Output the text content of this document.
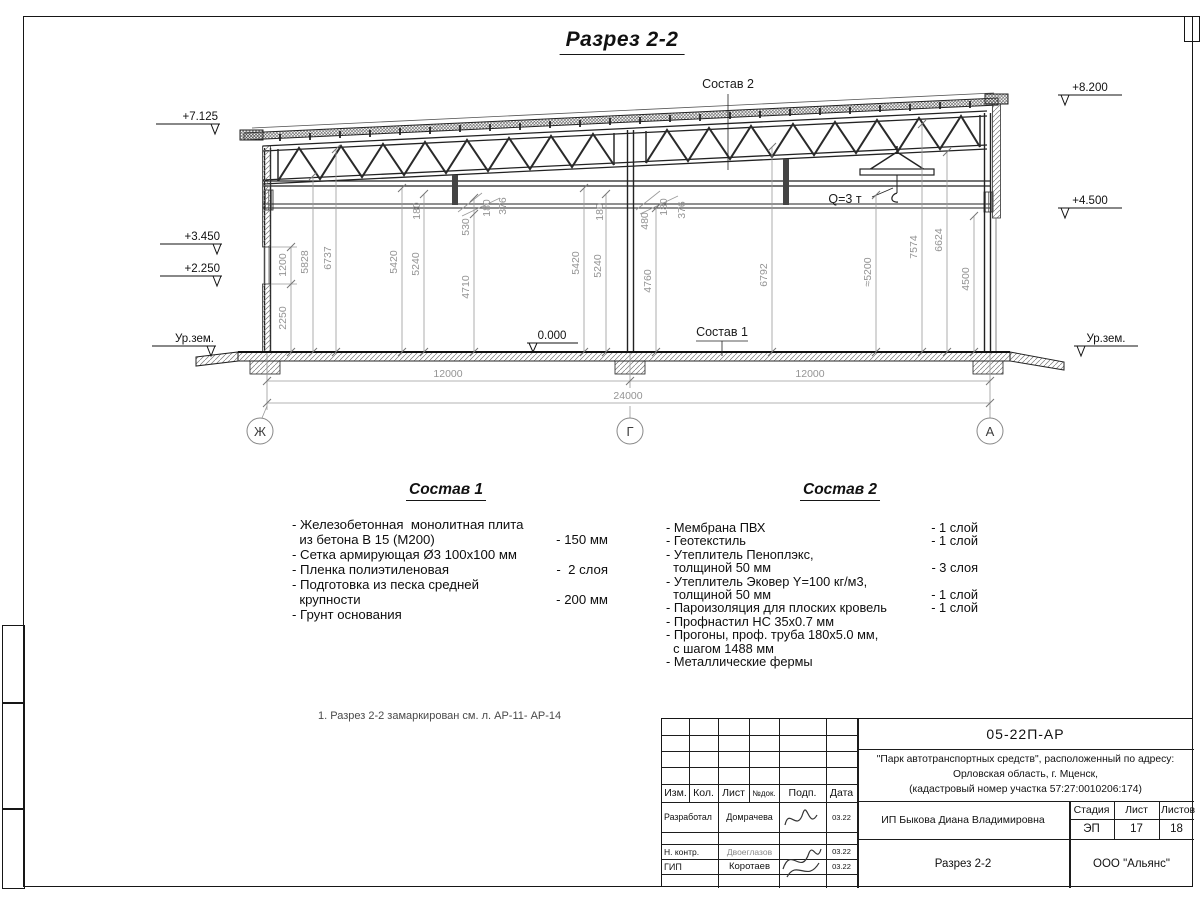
Разрез 2-2
Ж	Г	А
12000	12000
24000
1200
2250
5828 6737	5420 5240
180
530
4710
180 376
5420 5240
180
480
180 376
4760	6792	≈5200
7574 6624
4500
+7.125
+3.450
+2.250
Ур.зем.
+8.200
+4.500
Ур.зем.
0.000
Состав 2
Состав 1
Q=3 т
Состав 1
- Железобетонная  монолитная плита
из бетона В 15 (М200)	- 150 мм
- Сетка армирующая Ø3 100х100 мм
- Пленка полиэтиленовая	-  2 слоя
- Подготовка из песка средней
крупности	- 200 мм
- Грунт основания
Состав 2
- Мембрана ПВХ	- 1 слой
- Геотекстиль	- 1 слой
- Утеплитель Пеноплэкс,
толщиной 50 мм	- 3 слоя
- Утеплитель Эковер Y=100 кг/м3,
толщиной 50 мм	- 1 слой
- Пароизоляция для плоских кровель	- 1 слой
- Профнастил НС 35х0.7 мм
- Прогоны, проф. труба 180х5.0 мм,
с шагом 1488 мм
- Металлические фермы
1. Разрез 2-2 замаркирован см. л. АР-11- АР-14
Изм. Кол. Лист №док.	Подп.	Дата
Разработал	Домрачева	03.22
Н. контр.	Двоеглазов	03.22
ГИП	Коротаев	03.22
05-22П-АР
"Парк автотранспортных средств", расположенный по адресу:
Орловская область, г. Мценск,
(кадастровый номер участка 57:27:0010206:174)
ИП Быкова Диана Владимировна
Стадия	Лист	Листов
ЭП	17	18
Разрез 2-2	ООО "Альянс"
